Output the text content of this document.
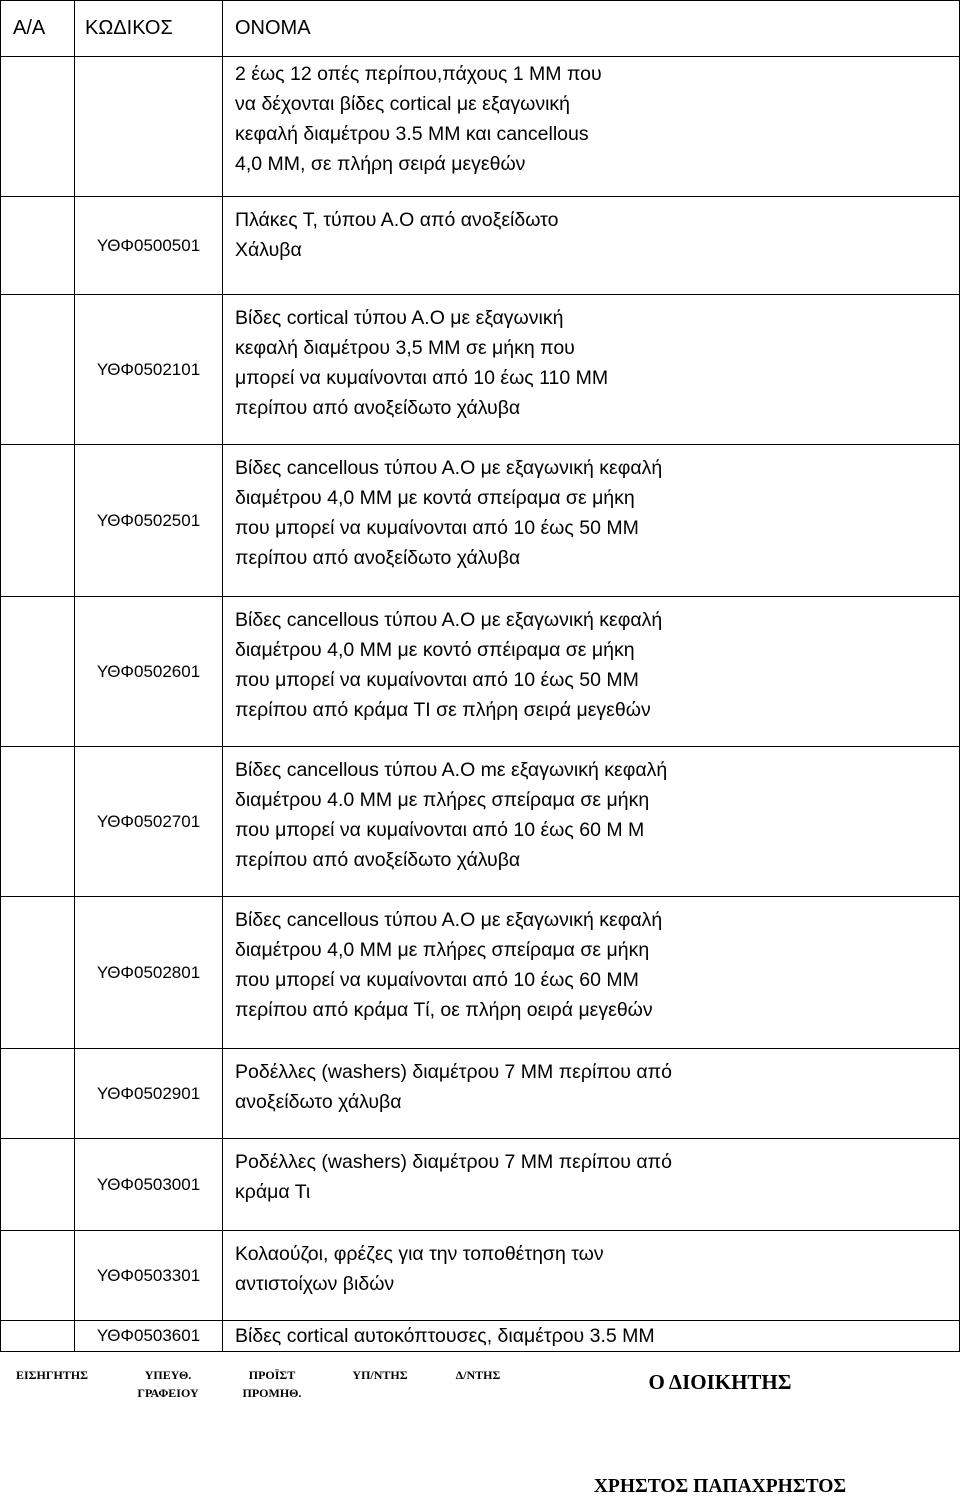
Α/Α	ΚΩΔΙΚΟΣ	ΟΝΟΜΑ
		2 έως 12 οπές περίπου,πάχους 1 ΜΜ που
να δέχονται βίδες cortical με εξαγωνική
κεφαλή διαμέτρου 3.5 ΜΜ και cancellous
4,0 ΜΜ, σε πλήρη σειρά μεγεθών
	ΥΘΦ0500501	Πλάκες Τ, τύπου Α.Ο από ανοξείδωτο
Χάλυβα
	ΥΘΦ0502101	Βίδες cortical τύπου Α.Ο με εξαγωνική
κεφαλή διαμέτρου 3,5 ΜΜ σε μήκη που
μπορεί να κυμαίνονται από 10 έως 110 ΜΜ
περίπου από ανοξείδωτο χάλυβα
	ΥΘΦ0502501	Βίδες cancellous τύπου Α.Ο με εξαγωνική κεφαλή
διαμέτρου 4,0 ΜΜ με κοντά σπείραμα σε μήκη
που μπορεί να κυμαίνονται από 10 έως 50 ΜΜ
περίπου από ανοξείδωτο χάλυβα
	ΥΘΦ0502601	Βίδες cancellous τύπου Α.Ο με εξαγωνική κεφαλή
διαμέτρου 4,0 ΜΜ με κοντό σπέιραμα σε μήκη
που μπορεί να κυμαίνονται από 10 έως 50 ΜΜ
περίπου από κράμα ΤΙ σε πλήρη σειρά μεγεθών
	ΥΘΦ0502701	Βίδες cancellous τύπου Α.Ο mε εξαγωνική κεφαλή
διαμέτρου 4.0 ΜΜ με πλήρες σπείραμα σε μήκη
που μπορεί να κυμαίνονται από 10 έως 60 Μ Μ
περίπου από ανοξείδωτο χάλυβα
	ΥΘΦ0502801	Βίδες cancellous τύπου Α.Ο με εξαγωνική κεφαλή
διαμέτρου 4,0 ΜΜ με πλήρες σπείραμα σε μήκη
που μπορεί να κυμαίνονται από 10 έως 60 ΜΜ
περίπου από κράμα Τί, οε πλήρη οειρά μεγεθών
	ΥΘΦ0502901	Ροδέλλες (washers) διαμέτρου 7 ΜΜ περίπου από
ανοξείδωτο χάλυβα
	ΥΘΦ0503001	Ροδέλλες (washers) διαμέτρου 7 ΜΜ περίπου από
κράμα Τι
	ΥΘΦ0503301	Κολαούζοι, φρέζες για την τοποθέτηση των
αντιστοίχων βιδών
	ΥΘΦ0503601	Βίδες cortical αυτοκόπτουσες, διαμέτρου 3.5 ΜΜ
ΕΙΣΗΓΗΤΗΣ	ΥΠΕΥΘ.
ΓΡΑΦΕΙΟΥ
ΠΡΟΪΣΤ
ΠΡΟΜΗΘ.
ΥΠ/ΝΤΗΣ	Δ/ΝΤΗΣ	Ο ΔΙΟΙΚΗΤΗΣ
ΧΡΗΣΤΟΣ ΠΑΠΑΧΡΗΣΤΟΣ
